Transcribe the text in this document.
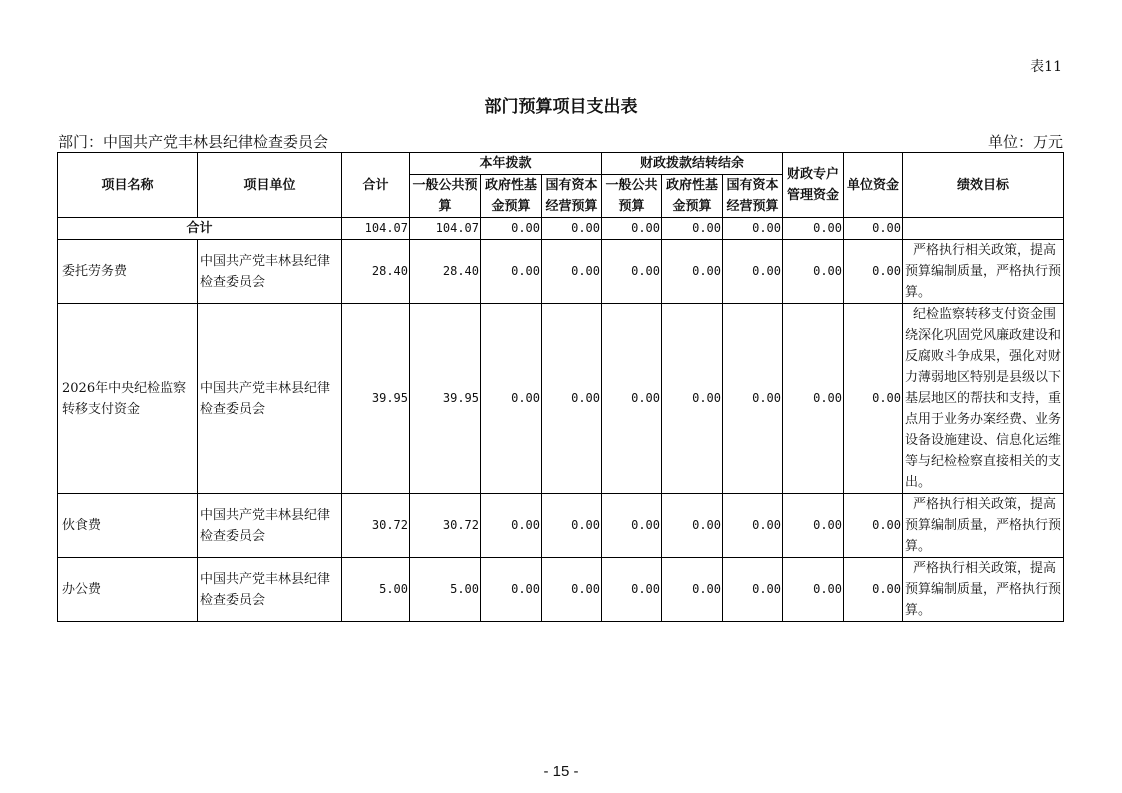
表11
部门预算项目支出表
部门：中国共产党丰林县纪律检查委员会	单位：万元
项目名称	项目单位	合计	本年拨款			财政拨款结转结余			财政专户管理资金	单位资金	绩效目标
			一般公共预算	政府性基金预算	国有资本经营预算	一般公共预算	政府性基金预算	国有资本经营预算			

合计		104.07	104.07	0.00	0.00	0.00	0.00	0.00	0.00	0.00	
委托劳务费	中国共产党丰林县纪律检查委员会	28.40	28.40	0.00	0.00	0.00	0.00	0.00	0.00	0.00	严格执行相关政策，提高预算编制质量，严格执行预算。
2026年中央纪检监察转移支付资金	中国共产党丰林县纪律检查委员会	39.95	39.95	0.00	0.00	0.00	0.00	0.00	0.00	0.00	纪检监察转移支付资金围绕深化巩固党风廉政建设和反腐败斗争成果，强化对财力薄弱地区特别是县级以下基层地区的帮扶和支持，重点用于业务办案经费、业务设备设施建设、信息化运维等与纪检检察直接相关的支出。
伙食费	中国共产党丰林县纪律检查委员会	30.72	30.72	0.00	0.00	0.00	0.00	0.00	0.00	0.00	严格执行相关政策，提高预算编制质量，严格执行预算。
办公费	中国共产党丰林县纪律检查委员会	5.00	5.00	0.00	0.00	0.00	0.00	0.00	0.00	0.00	严格执行相关政策，提高预算编制质量，严格执行预算。
- 15 -
